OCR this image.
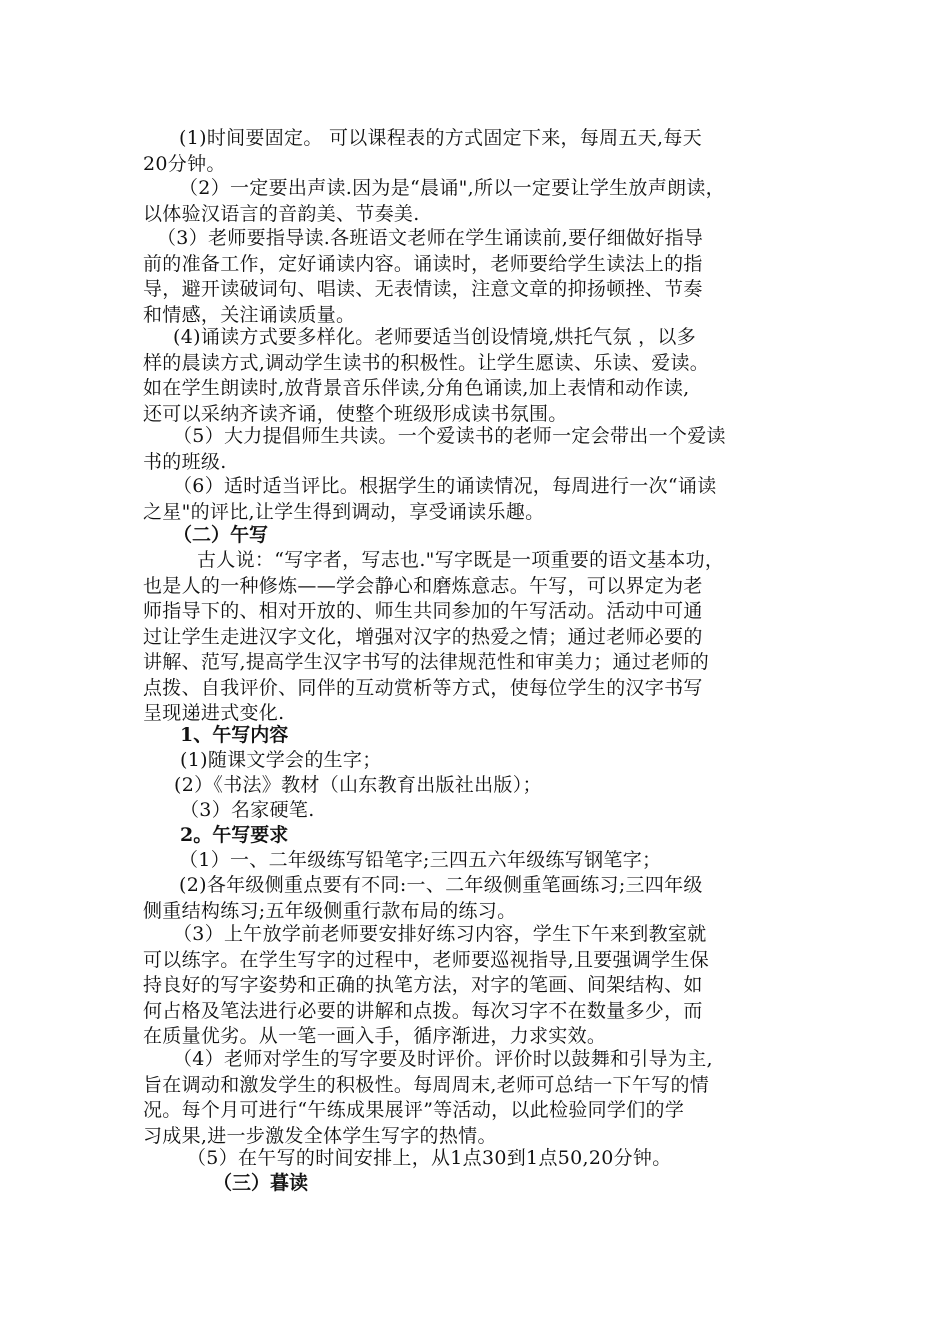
(1)时间要固定。 可以课程表的方式固定下来，每周五天,每天
20分钟。

（2）一定要出声读.因为是“晨诵",所以一定要让学生放声朗读，
以体验汉语言的音韵美、节奏美.

（3）老师要指导读.各班语文老师在学生诵读前,要仔细做好指导
前的准备工作，定好诵读内容。诵读时，老师要给学生读法上的指
导，避开读破词句、唱读、无表情读，注意文章的抑扬顿挫、节奏
和情感，关注诵读质量。

(4)诵读方式要多样化。老师要适当创设情境,烘托气氛 ，以多
样的晨读方式,调动学生读书的积极性。让学生愿读、乐读、爱读。
如在学生朗读时,放背景音乐伴读,分角色诵读,加上表情和动作读,
还可以采纳齐读齐诵，使整个班级形成读书氛围。

（5）大力提倡师生共读。一个爱读书的老师一定会带出一个爱读
书的班级.

（6）适时适当评比。根据学生的诵读情况，每周进行一次“诵读
之星"的评比,让学生得到调动，享受诵读乐趣。

（二）午写

古人说：“写字者，写志也."写字既是一项重要的语文基本功，
也是人的一种修炼——学会静心和磨炼意志。午写，可以界定为老
师指导下的、相对开放的、师生共同参加的午写活动。活动中可通
过让学生走进汉字文化，增强对汉字的热爱之情；通过老师必要的
讲解、范写,提高学生汉字书写的法律规范性和审美力；通过老师的
点拨、自我评价、同伴的互动赏析等方式，使每位学生的汉字书写
呈现递进式变化.

1、午写内容
(1)随课文学会的生字；
(2）《书法》教材（山东教育出版社出版）；
（3）名家硬笔.
2。午写要求

（1）一、二年级练写铅笔字;三四五六年级练写钢笔字；

(2)各年级侧重点要有不同:一、二年级侧重笔画练习;三四年级
侧重结构练习;五年级侧重行款布局的练习。

（3）上午放学前老师要安排好练习内容，学生下午来到教室就
可以练字。在学生写字的过程中，老师要巡视指导,且要强调学生保
持良好的写字姿势和正确的执笔方法，对字的笔画、间架结构、如
何占格及笔法进行必要的讲解和点拨。每次习字不在数量多少，而
在质量优劣。从一笔一画入手，循序渐进，力求实效。

（4）老师对学生的写字要及时评价。评价时以鼓舞和引导为主,
旨在调动和激发学生的积极性。每周周末,老师可总结一下午写的情
况。每个月可进行“午练成果展评”等活动，以此检验同学们的学
习成果,进一步激发全体学生写字的热情。

（5）在午写的时间安排上，从1点30到1点50,20分钟。
（三）暮读
